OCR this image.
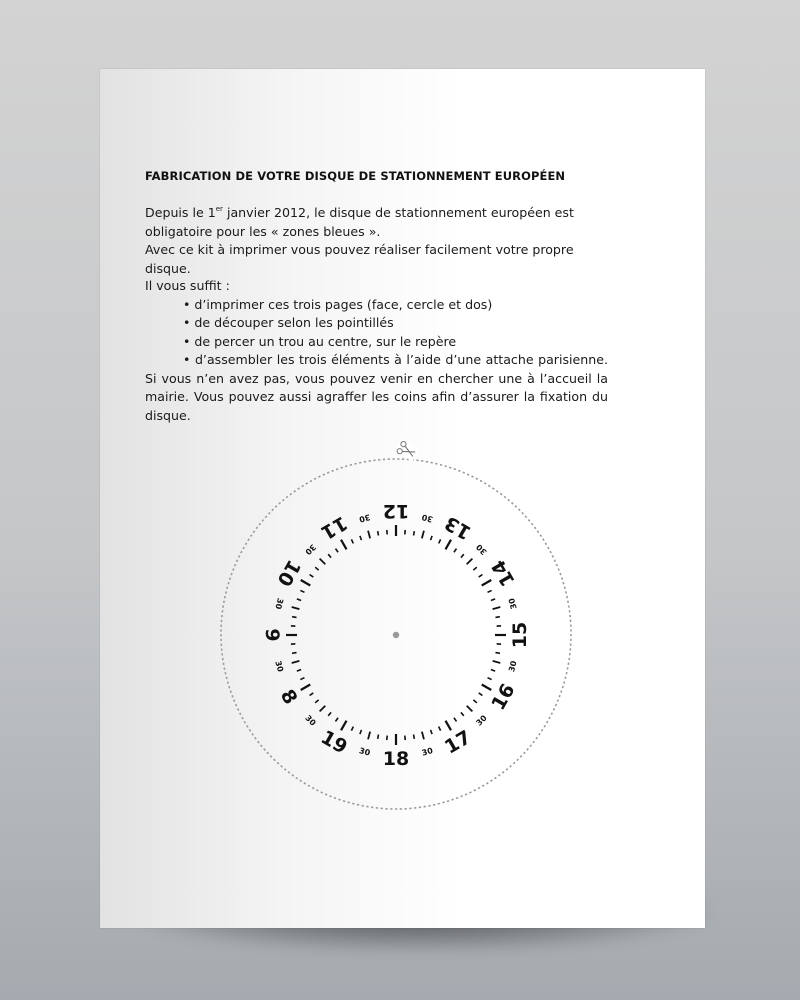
FABRICATION DE VOTRE DISQUE DE STATIONNEMENT EUROPÉEN
Depuis le 1er janvier 2012, le disque de stationnement européen est obligatoire pour les « zones bleues ».
Avec ce kit à imprimer vous pouvez réaliser facilement votre propre disque.
Il vous suffit :
• d’imprimer ces trois pages (face, cercle et dos)
• de découper selon les pointillés
• de percer un trou au centre, sur le repère
• d’assembler les trois éléments à l’aide d’une attache parisienne. Si vous n’en avez pas, vous pouvez venir en chercher une à l’accueil la mairie. Vous pouvez aussi agraffer les coins afin d’assurer la fixation du disque.
12 30 13
30
14
30
15
30
16
30
17
30
18
30
19
30
8
30
9
30
10
30
11 30
